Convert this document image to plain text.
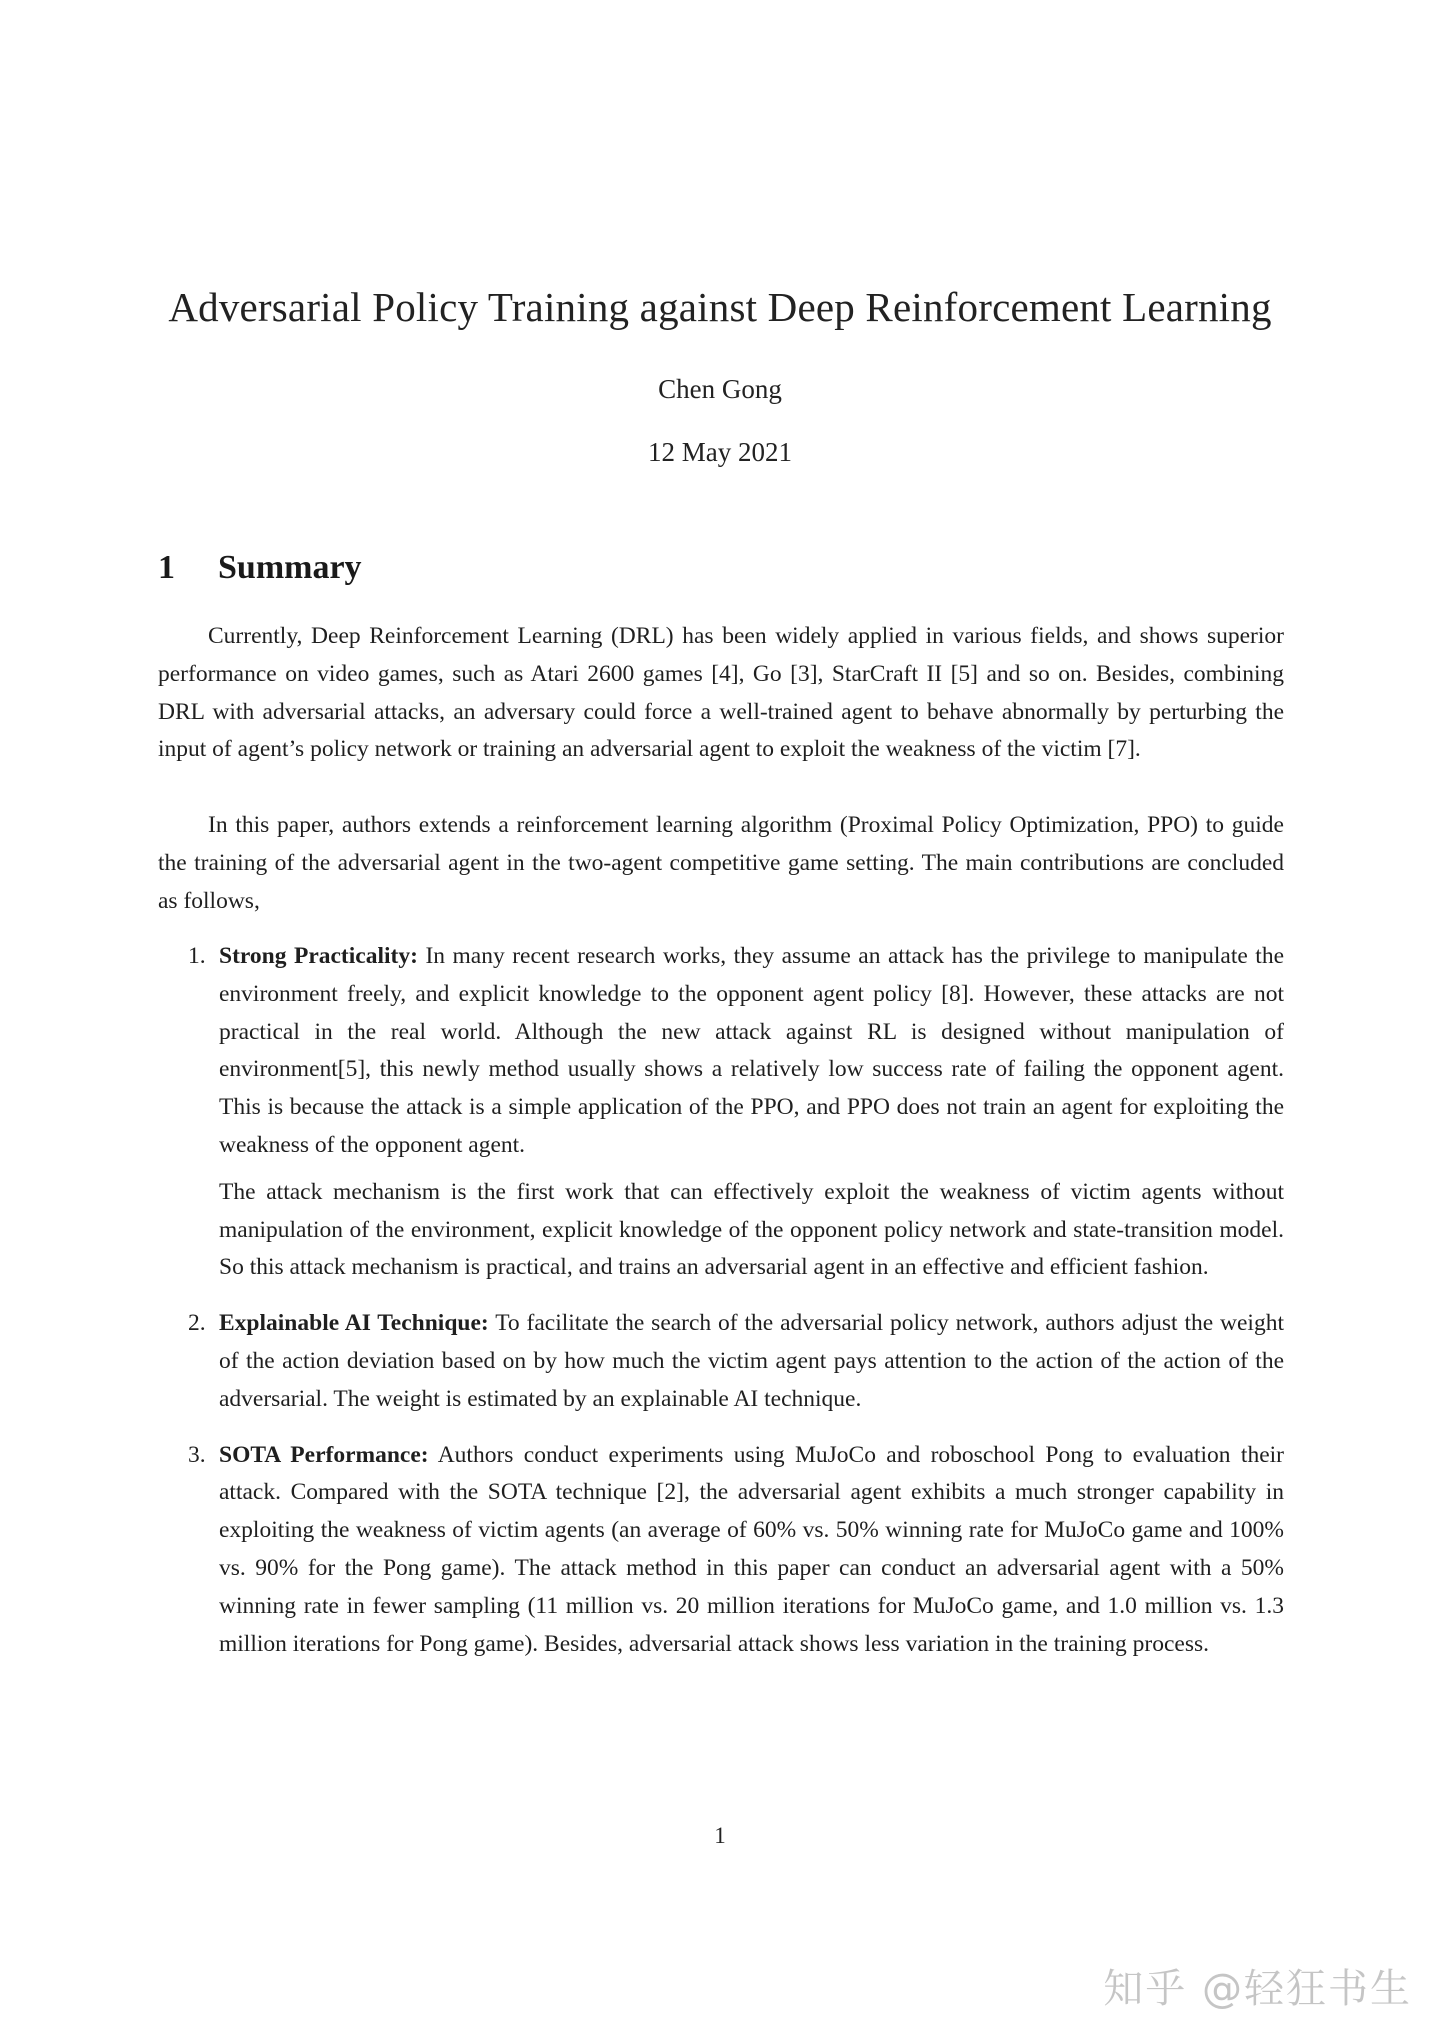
Adversarial Policy Training against Deep Reinforcement Learning
Chen Gong
12 May 2021
1 Summary
Currently, Deep Reinforcement Learning (DRL) has been widely applied in various fields, and shows superior performance on video games, such as Atari 2600 games [4], Go [3], StarCraft II [5] and so on. Besides, combining DRL with adversarial attacks, an adversary could force a well-trained agent to behave abnormally by perturbing the input of agent’s policy network or training an adversarial agent to exploit the weakness of the victim [7].
In this paper, authors extends a reinforcement learning algorithm (Proximal Policy Optimization, PPO) to guide the training of the adversarial agent in the two-agent competitive game setting. The main contributions are concluded as follows,
1. Strong Practicality: In many recent research works, they assume an attack has the privilege to manipulate the environment freely, and explicit knowledge to the opponent agent policy [8]. However, these attacks are not practical in the real world. Although the new attack against RL is designed without manipulation of environment[5], this newly method usually shows a relatively low success rate of failing the opponent agent. This is because the attack is a simple application of the PPO, and PPO does not train an agent for exploiting the weakness of the opponent agent.

The attack mechanism is the first work that can effectively exploit the weakness of victim agents without manipulation of the environment, explicit knowledge of the opponent policy network and state-transition model. So this attack mechanism is practical, and trains an adversarial agent in an effective and efficient fashion.

2. Explainable AI Technique: To facilitate the search of the adversarial policy network, authors adjust the weight of the action deviation based on by how much the victim agent pays attention to the action of the action of the adversarial. The weight is estimated by an explainable AI technique.

3. SOTA Performance: Authors conduct experiments using MuJoCo and roboschool Pong to evaluation their attack. Compared with the SOTA technique [2], the adversarial agent exhibits a much stronger capability in exploiting the weakness of victim agents (an average of 60% vs. 50% winning rate for MuJoCo game and 100% vs. 90% for the Pong game). The attack method in this paper can conduct an adversarial agent with a 50% winning rate in fewer sampling (11 million vs. 20 million iterations for MuJoCo game, and 1.0 million vs. 1.3 million iterations for Pong game). Besides, adversarial attack shows less variation in the training process.

1
知乎 @轻狂书生
